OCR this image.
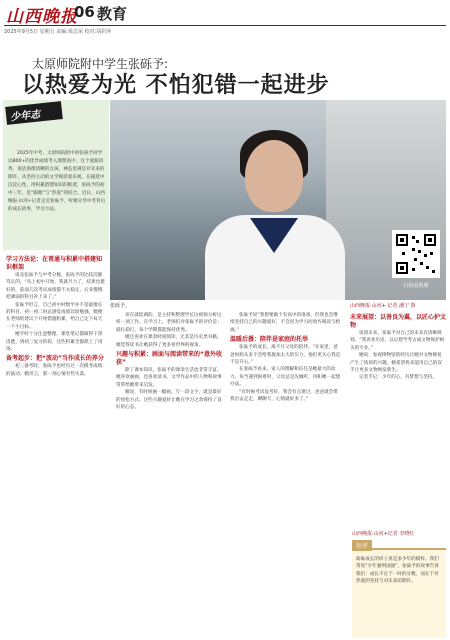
山西晚报
06 教育
2025年9月5日 星期五 责编:梁志荣 校对:胡彩萍
太原师院附中学生张砾予:
以热爱为光 不怕犯错一起进步
少年志
2025年中考，太原师院附中的张砾予同学以800+的优异成绩考入理想高中。这个爱跟清秀，说话条理清晰的女孩，神态里满是对未来的期许。从坚持主动的文学阅读爱乐观，在拖延中沉淀心性，用积累搭建知识的框架，张砾予的初中三年，是“跟跑”与“热爱”的结合。近日，山西晚报·山河+记者走近张砾予，听她分享中考背后的成长故事，学习方法。
扫码看视频
张砾予。	山西晚报·山河+ 记者 潘宁 摄
学习方法论：在普通与积累中搭建知识框架

谈及张砾予与中考分数，张砾予的比较沉静笃定的。“从上初中开始，我就尽力了，结果也挺好的，前面几次考试成绩都不太稳定，后来慢慢把薄弱的科目补上来了。”

张砾予坦言，自己初中时数学并不是最擅长的科目，初一初二时总感觉成绩比较勉强，她便在老师的建议下开始错题积累，给自己定下每天一个小目标。

她平时十分注意整理，课堂笔记都做得干净清楚。到初三复习阶段，这些积累全都派上了用场。

备考起步：把“波动”当作成长的养分

初三备考时，张砾予也经历过一次模考成绩的波动。她坦言，那一刻心情有些失落。

该在就低调的，是主持和整理学长这视频分析这样一项工作。在学习上，老师们对张砾予的评价是：稳扎稳打，每个学期都能保持优秀。

她还喜欢在课余时间阅读，尤其是历史类书籍，她觉得读书让她获得了更多看世界的视角。

兴趣与积累：画面与阅读带来的“意外收获”

除了课本知识，张砾予的课余生活也非常丰富。她喜欢画画，也喜欢读书，文学作品中的人物和故事常常给她带来启发。

她说，有时候画一幅画，写一段文字，就是最好的放松方式。这些兴趣爱好让她在学习之余保持了良好的心态。

张砾予说“我想要做个有高中的准备，但我也会继续坚持自己的兴趣爱好，不会因为学习而放弃阅读与绘画。”

温暖后援：陪伴是家庭的托举

张砾予的成长，离不开父母的陪伴。“在家里，爸爸妈妈从来不会给我施加太大的压力，他们更关心我是不是开心。”

在张砾予看来，家人的理解和信任是她最大的动力。每当遇到困难时，父母总是先倾听，再和她一起想办法。

“有时候考试没考好，我会有点难过，爸爸就会带我出去走走，聊聊天，心情就好多了。”

未来展望：以善良为翼，以匠心护文物

谈到未来，张砾予对自己的未来有清晰规划。“我喜欢历史，以后想学考古或文物保护相关的专业。”

她说，参观博物馆的经历让她对文物修复产生了浓厚的兴趣，她希望将来能用自己的双手让更多文物焕发新生。

记者手记：少年的心，有梦想与坚持。

山西晚报·山河+记者 李晓红
短评
砺砾成长的样子真是多少年的模样。我们常说“少年强则国强”，张砾予的故事告诉我们：成长不在于一时的分数，而在于对热爱的坚持与对未来的期许。
